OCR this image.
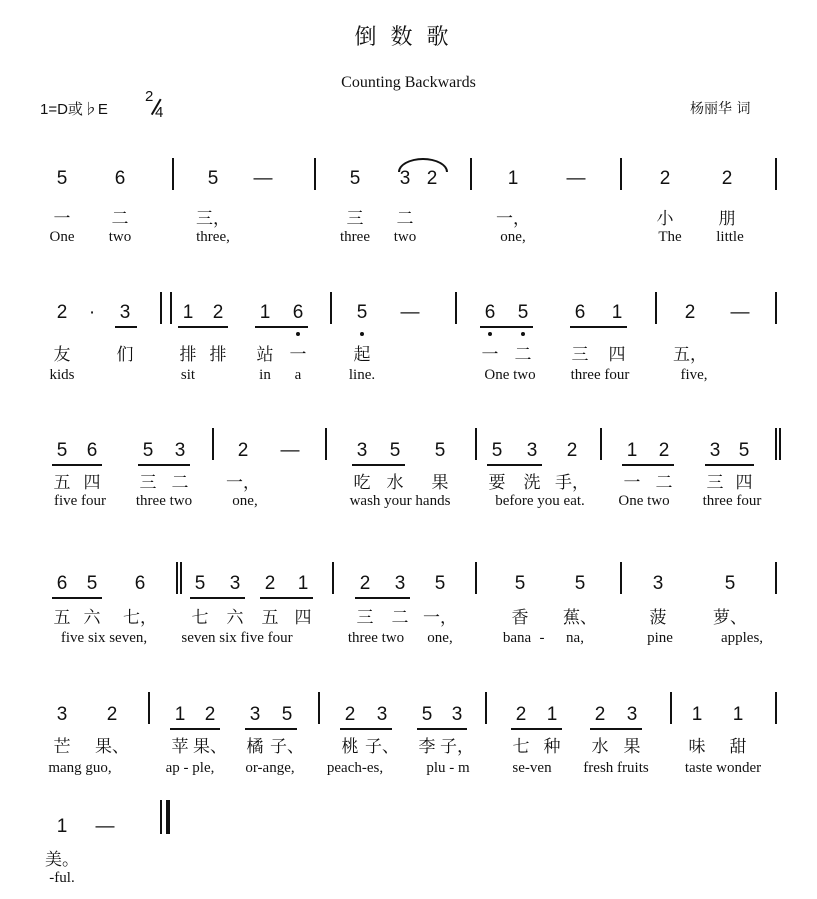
倒数歌
Counting Backwards
1=D或♭E
2
4	杨丽华 词
5 6	5 —	5 3 2	1	—	2	2
一 二	三，	三 二	一，	小	朋
One two	three,	three two	one,	The little
2 · 3	1 2 1 6	5 —	6 5 6 1	2 —
友	们	排 排 站 一	起	一 二 三 四	五，
kids	sit	in a	line.	One two three four	five,
5 6 5 3	2 —	3 5 5 5 3 2	1 2 3 5
五 四 三 二 一，	吃 水 果 要 洗 手， 一 二 三 四
five four three two	one,	wash your hands	before you eat. One two three four
6 5 6	5 3 2 1	2 3 5	5	5	3	5
五 六 七， 七 六 五 四	三 二 一，	香 蕉、	菠	萝、
five six seven, seven six five four	three two one,	bana - na,	pine	apples,
3 2	1 2 3 5	2 3 5 3	2 1 2 3	1 1
芒 果、	苹 果、 橘 子、 桃 子、 李 子， 七 种 水 果	味 甜
mang guo,	ap - ple, or-ange, peach-es,	plu - m	se-ven fresh fruits taste wonder
1 —
美。
-ful.
